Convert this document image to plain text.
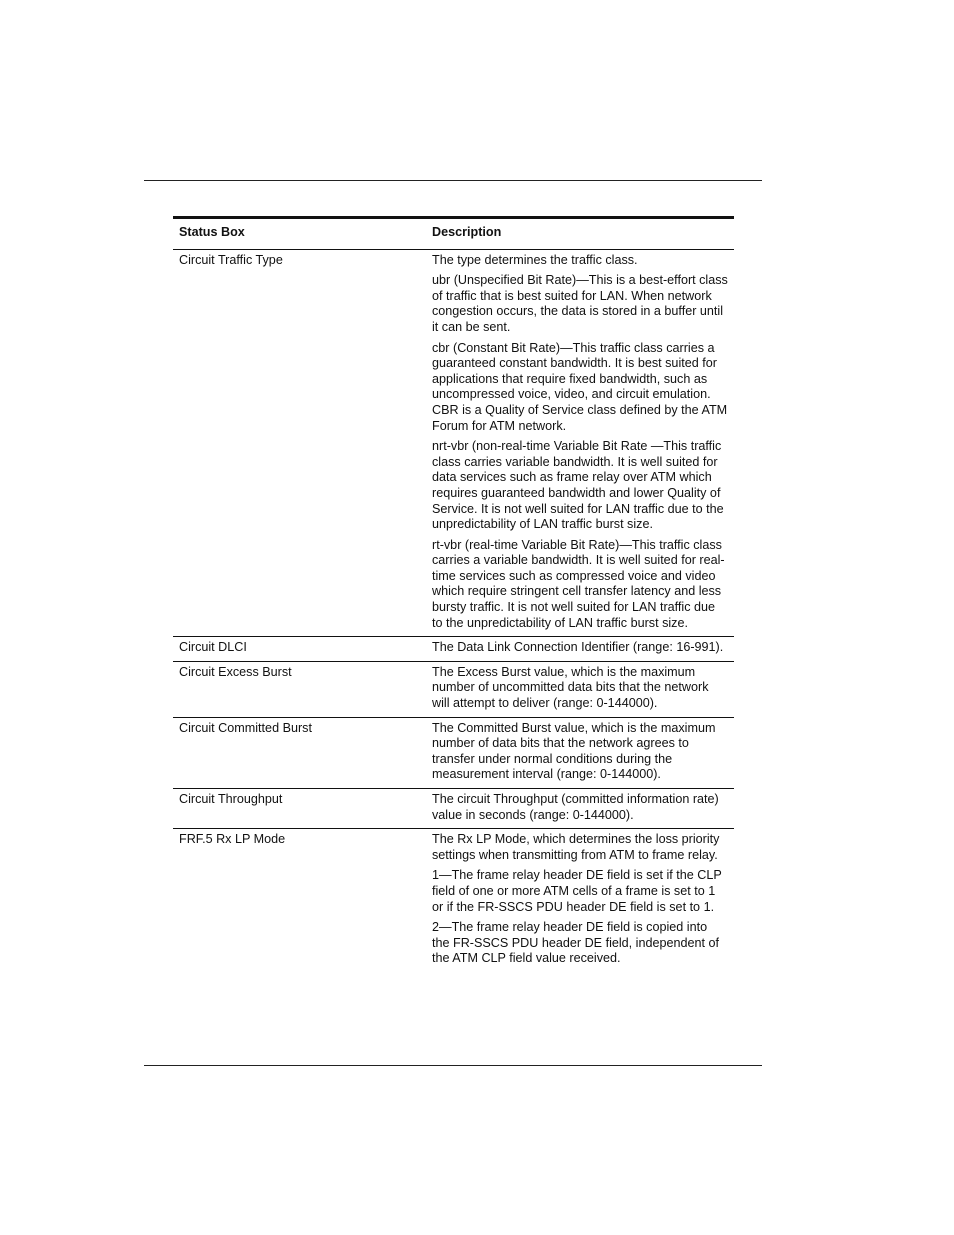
Status Box	Description
Circuit Traffic Type	The type determines the traffic class.

ubr (Unspecified Bit Rate)—This is a best-effort class of traffic that is best suited for LAN. When network congestion occurs, the data is stored in a buffer until it can be sent.

cbr (Constant Bit Rate)—This traffic class carries a guaranteed constant bandwidth. It is best suited for applications that require fixed bandwidth, such as uncompressed voice, video, and circuit emulation. CBR is a Quality of Service class defined by the ATM Forum for ATM network.

nrt-vbr (non-real-time Variable Bit Rate —This traffic class carries variable bandwidth. It is well suited for data services such as frame relay over ATM which requires guaranteed bandwidth and lower Quality of Service. It is not well suited for LAN traffic due to the unpredictability of LAN traffic burst size.

rt-vbr (real-time Variable Bit Rate)—This traffic class carries a variable bandwidth. It is well suited for real-time services such as compressed voice and video which require stringent cell transfer latency and less bursty traffic. It is not well suited for LAN traffic due to the unpredictability of LAN traffic burst size.

Circuit DLCI	The Data Link Connection Identifier (range: 16-991).

Circuit Excess Burst	The Excess Burst value, which is the maximum number of uncommitted data bits that the network will attempt to deliver (range: 0-144000).

Circuit Committed Burst	The Committed Burst value, which is the maximum number of data bits that the network agrees to transfer under normal conditions during the measurement interval (range: 0-144000).

Circuit Throughput	The circuit Throughput (committed information rate) value in seconds (range: 0-144000).

FRF.5 Rx LP Mode	The Rx LP Mode, which determines the loss priority settings when transmitting from ATM to frame relay.

1—The frame relay header DE field is set if the CLP field of one or more ATM cells of a frame is set to 1 or if the FR-SSCS PDU header DE field is set to 1.

2—The frame relay header DE field is copied into the FR-SSCS PDU header DE field, independent of the ATM CLP field value received.
